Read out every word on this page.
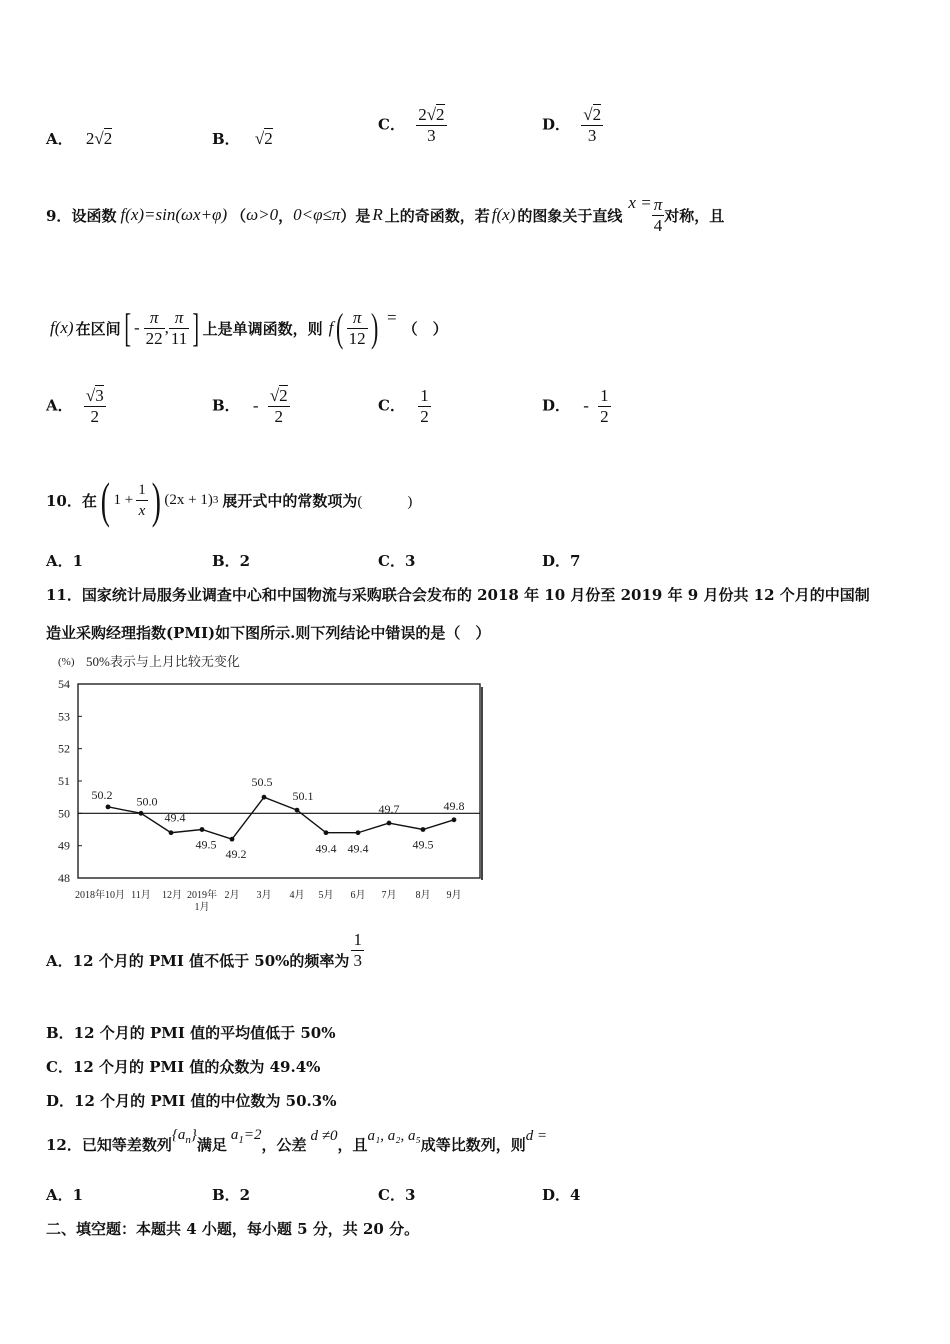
A． 2√2	B． √2
C． $\frac{2√2}{3}$	D． $\frac{√2}{3}$
9． 设函数 f(x)=sin(ωx+φ) （ ω>0 ， 0<φ≤π ） 是 R 上的奇函数，若 f(x) 的图象关于直线
$x = \frac{\pi}{4}$ 对称，且
f(x) 在区间 [ - $\frac{\pi}{22}$ , $\frac{\pi}{11}$ ] 上是单调函数，则 f ( $\frac{\pi}{12}$ ) =
（　）
A． $\frac{√3}{2}$	B． - $\frac{√2}{2}$	C． $\frac{1}{2}$	D． - $\frac{1}{2}$
10．在 ( $1 + \frac{1}{x}$ ) (2x + 1) 3 展开式中的常数项为 (　　　)
A．1	B．2	C．3	D．7
11．国家统计局服务业调查中心和中国物流与采购联合会发布的 2018 年 10 月份至 2019 年 9 月份共 12 个月的中国制
造业采购经理指数(PMI)如下图所示.则下列结论中错误的是（　）
(%) 50%表示与上月比较无变化
48
49
50
51
52
53
54
50.2 50.0
49.4
49.5
49.2
50.5
50.1
49.4 49.4
49.7
49.5
49.8
2018年10月 11月 12月 2019年
1月
2月 3月 4月 5月 6月 7月 8月 9月
A．12 个月的 PMI 值不低于 50%的频率为 $\frac{1}{3}$
B．12 个月的 PMI 值的平均值低于 50%
C．12 个月的 PMI 值的众数为 49.4%
D．12 个月的 PMI 值的中位数为 50.3%
12．已知等差数列
$\{a_n\}$
满足
$a_1=2$
，公差 d ≠0 ，且 a₁, a₂, a₅ 成等比数列，则 d =
A．1	B．2	C．3	D．4
二、填空题：本题共 4 小题，每小题 5 分，共 20 分。
